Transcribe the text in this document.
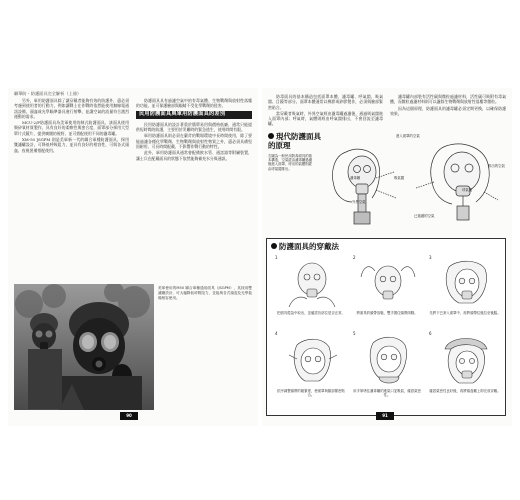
聯華防・防護面具完全解析（上冊）

另外，軍用防護面具除了讓穿戴者能夠有效的防護外，還必須考慮到使用者的行動力，例如讓戰士在作戰時依然能使用無線電通訊設備、頭盔或光學瞄準器具進行射擊，並讓空氣的流量符合激烈運動的需求。

MCU-2/P防護面具為美軍使用的制式防護面具，該面具使用聚矽氧材質製作，具有良好的柔軟性與密合度，面罩部分採用大型單片式鏡片，提供廣闊的視野，並可搭配使用不同的濾毒罐。

XM-50 JSGPM 則是美軍新一代的聯合軍種防護面具，採用雙濾罐設計，可降低呼吸阻力，並具有良好的相容性，可與各式頭盔、夜視裝備搭配使用。

防護面具具有過濾空氣中的有毒氣體、生物戰劑與放射性落塵的功能，並可保護臉部與眼睛不受化學戰劑的侵害。

民用防護面具與軍用防護面具的差別

民用防護面具的設計著重於簡單易用與價格低廉，通常只能提供短時間的防護，主要用於災難時的緊急逃生，使用時間有限。

軍用防護面具則必須在嚴苛的戰場環境中長時間使用，除了要能過濾各種化學戰劑、生物戰劑與放射性物質之外，還必須具備堅固耐用、可長時間配戴、不影響作戰行動的特性。

此外，軍用防護面具通常會配備飲水管、通話器等附屬裝置，讓士兵在配戴面具的狀態下依然能夠補充水分與通訊。

美軍使用的M50 聯合軍種通用面具（JSGPM），其採用雙濾罐設計，可大幅降低呼吸阻力，並能與各式頭盔及光學裝備相容使用。
90

防毒面具的基本構造包括面罩本體、濾毒罐、呼氣閥、吸氣閥、目鏡等部分。面罩本體通常以橡膠或矽膠製作，必須與臉部緊密貼合。

當穿戴者吸氣時，外界空氣經由濾毒罐過濾後，通過吸氣閥進入面罩內部；呼氣時，氣體則經由呼氣閥排出，不會回流至濾毒罐。

濾毒罐內部裝有活性碳與微粒過濾材料，活性碳可吸附有毒氣體，而微粒過濾材料則可以濾除生物戰劑與放射性落塵等微粒。

因為這個原理，防護面具的濾毒罐必須定期更換，以確保防護效果。

現代防護面具的原理
右圖為一般民用防毒面具的基本構造，空氣經由濾毒罐過濾後進入面罩，呼出的氣體則經由呼氣閥排出。
進入面罩的空氣
濾毒罐	吸氣閥
呼氣閥
排出的空氣
外界空氣
已過濾的空氣
防護面具的穿戴法
1
把面具從袋中取出，並確認各部位是否正常。
2
將面具的頭帶放鬆，雙手握住頭帶兩側。
3
先將下巴套入面罩中，再將頭帶往後拉至後腦。
4
依序調整頭帶的鬆緊度，使面罩與臉部緊密貼合。
5
用手掌堵住濾毒罐的進氣口並吸氣，確認氣密性。
6
確認氣密性良好後，再將頭盔戴上即完成穿戴。
91
